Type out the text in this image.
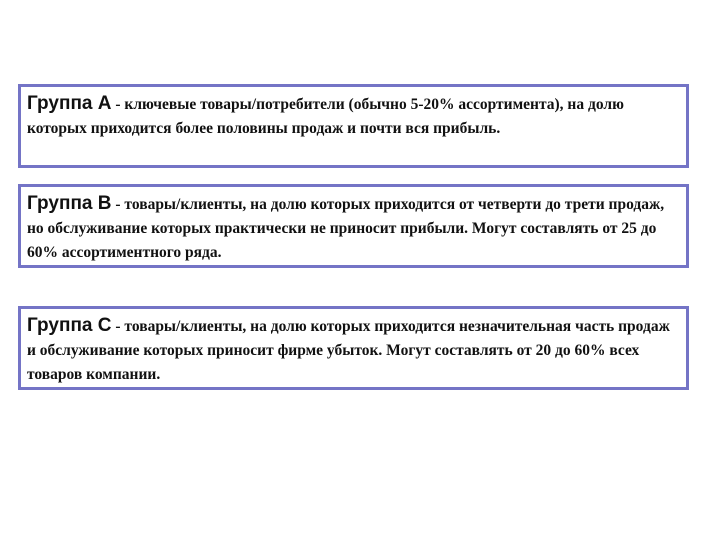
Группа А - ключевые товары/потребители (обычно 5-20% ассортимента), на долю которых приходится более половины продаж и почти вся прибыль.
Группа В - товары/клиенты, на долю которых приходится от четверти до трети продаж, но обслуживание которых практически не приносит прибыли. Могут составлять от 25 до 60% ассортиментного ряда.
Группа С - товары/клиенты, на долю которых приходится незначительная часть продаж и обслуживание которых приносит фирме убыток. Могут составлять от 20 до 60% всех товаров компании.
